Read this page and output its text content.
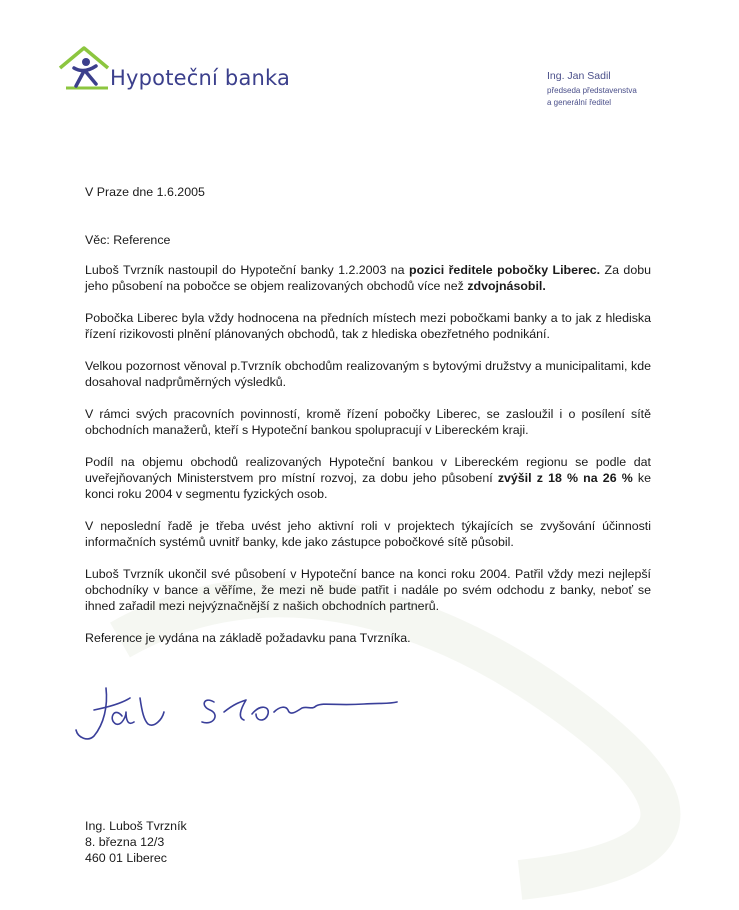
Hypoteční banka	Ing. Jan Sadil
předseda představenstva
a generální ředitel
V Praze dne 1.6.2005
Věc: Reference

Luboš Tvrzník nastoupil do Hypoteční banky 1.2.2003 na pozici ředitele pobočky Liberec. Za dobu jeho působení na pobočce se objem realizovaných obchodů více než zdvojnásobil.

Pobočka Liberec byla vždy hodnocena na předních místech mezi pobočkami banky a to jak z hlediska řízení rizikovosti plnění plánovaných obchodů, tak z hlediska obezřetného podnikání.

Velkou pozornost věnoval p.Tvrzník obchodům realizovaným s bytovými družstvy a municipalitami, kde dosahoval nadprůměrných výsledků.

V rámci svých pracovních povinností, kromě řízení pobočky Liberec, se zasloužil i o posílení sítě obchodních manažerů, kteří s Hypoteční bankou spolupracují v Libereckém kraji.

Podíl na objemu obchodů realizovaných Hypoteční bankou v Libereckém regionu se podle dat uveřejňovaných Ministerstvem pro místní rozvoj, za dobu jeho působení zvýšil z 18 % na 26 % ke konci roku 2004 v segmentu fyzických osob.

V neposlední řadě je třeba uvést jeho aktivní roli v projektech týkajících se zvyšování účinnosti informačních systémů uvnitř banky, kde jako zástupce pobočkové sítě působil.

Luboš Tvrzník ukončil své působení v Hypoteční bance na konci roku 2004. Patřil vždy mezi nejlepší obchodníky v bance a věříme, že mezi ně bude patřit i nadále po svém odchodu z banky, neboť se ihned zařadil mezi nejvýznačnější z našich obchodních partnerů.

Reference je vydána na základě požadavku pana Tvrzníka.

Ing. Luboš Tvrzník
8. března 12/3
460 01 Liberec
